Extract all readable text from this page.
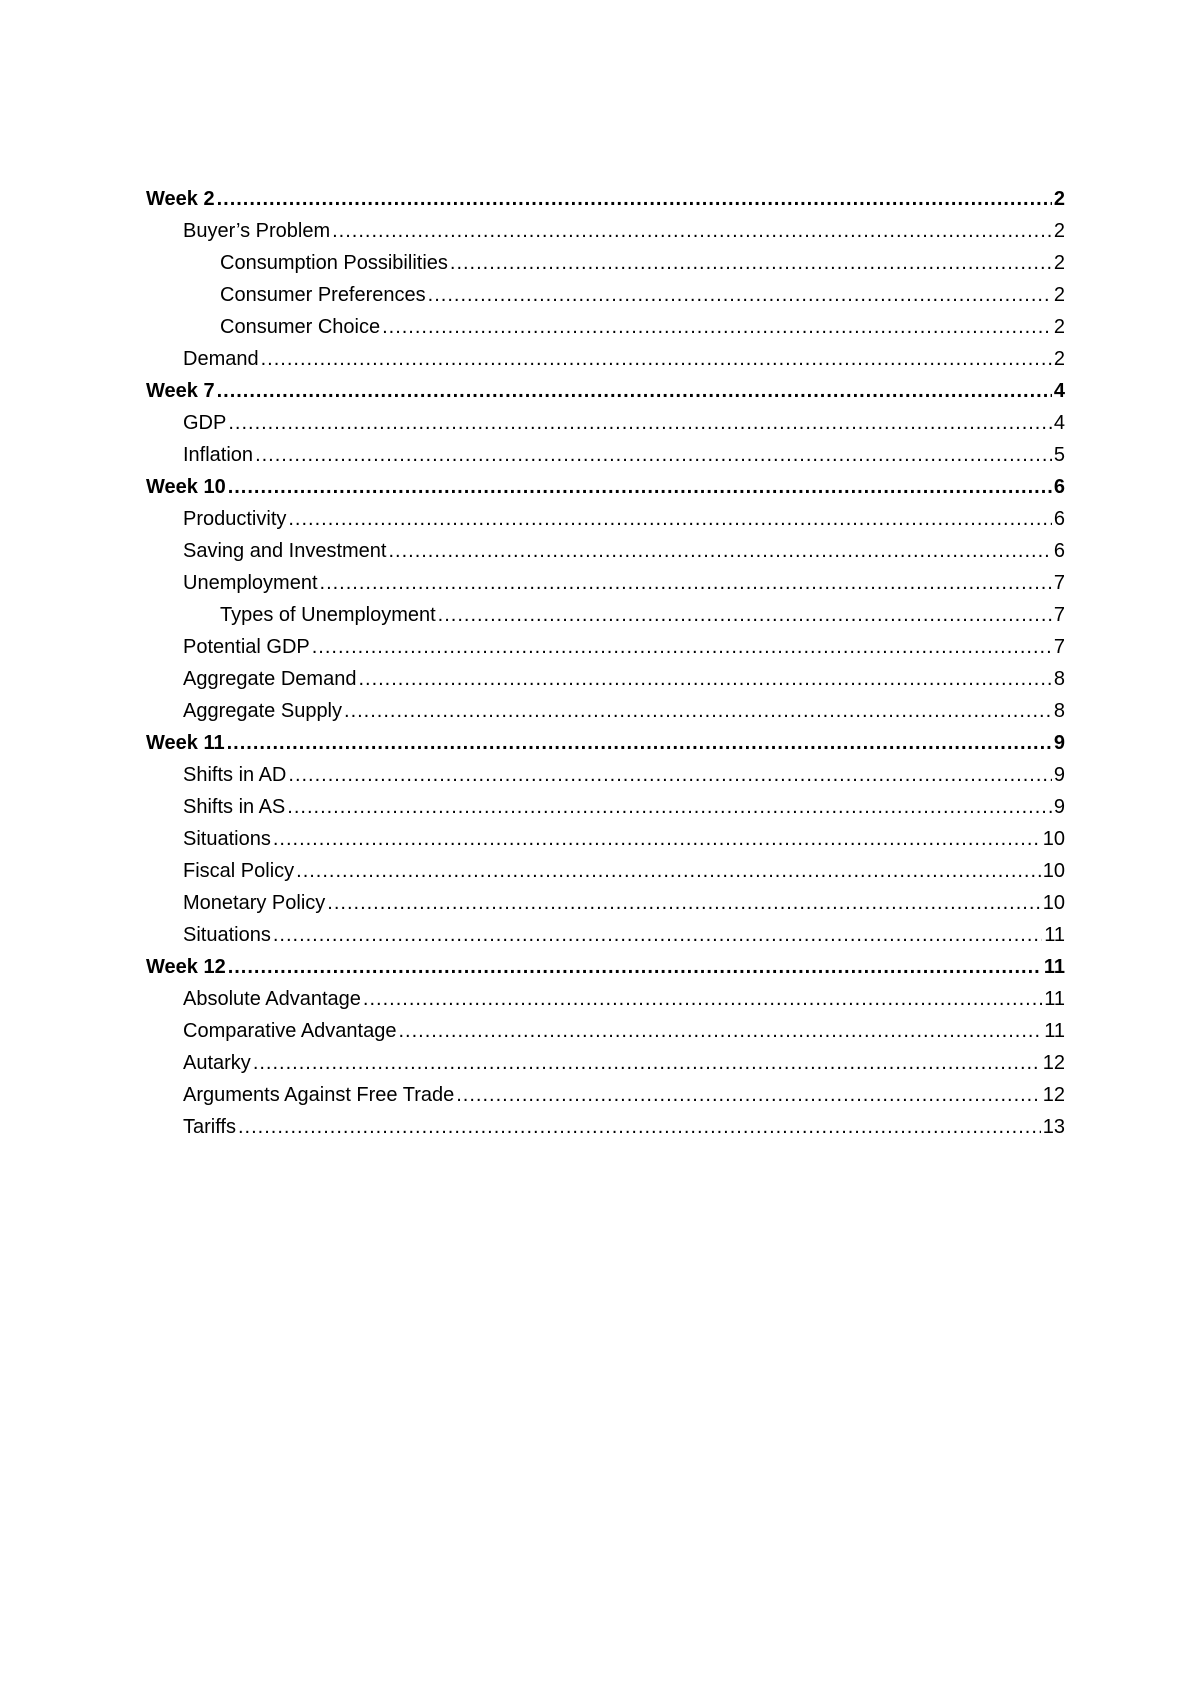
Week 2 .....	2
Buyer’s Problem .....	2
Consumption Possibilities .....	2
Consumer Preferences .....	2
Consumer Choice .....	2
Demand .....	2
Week 7 .....	4
GDP .....	4
Inflation .....	5
Week 10 .....	6
Productivity .....	6
Saving and Investment .....	6
Unemployment .....	7
Types of Unemployment .....	7
Potential GDP .....	7
Aggregate Demand .....	8
Aggregate Supply .....	8
Week 11 .....	9
Shifts in AD .....	9
Shifts in AS .....	9
Situations .....	10
Fiscal Policy .....	10
Monetary Policy .....	10
Situations .....	11
Week 12 .....	11
Absolute Advantage .....	11
Comparative Advantage .....	11
Autarky .....	12
Arguments Against Free Trade .....	12
Tariffs .....	13
